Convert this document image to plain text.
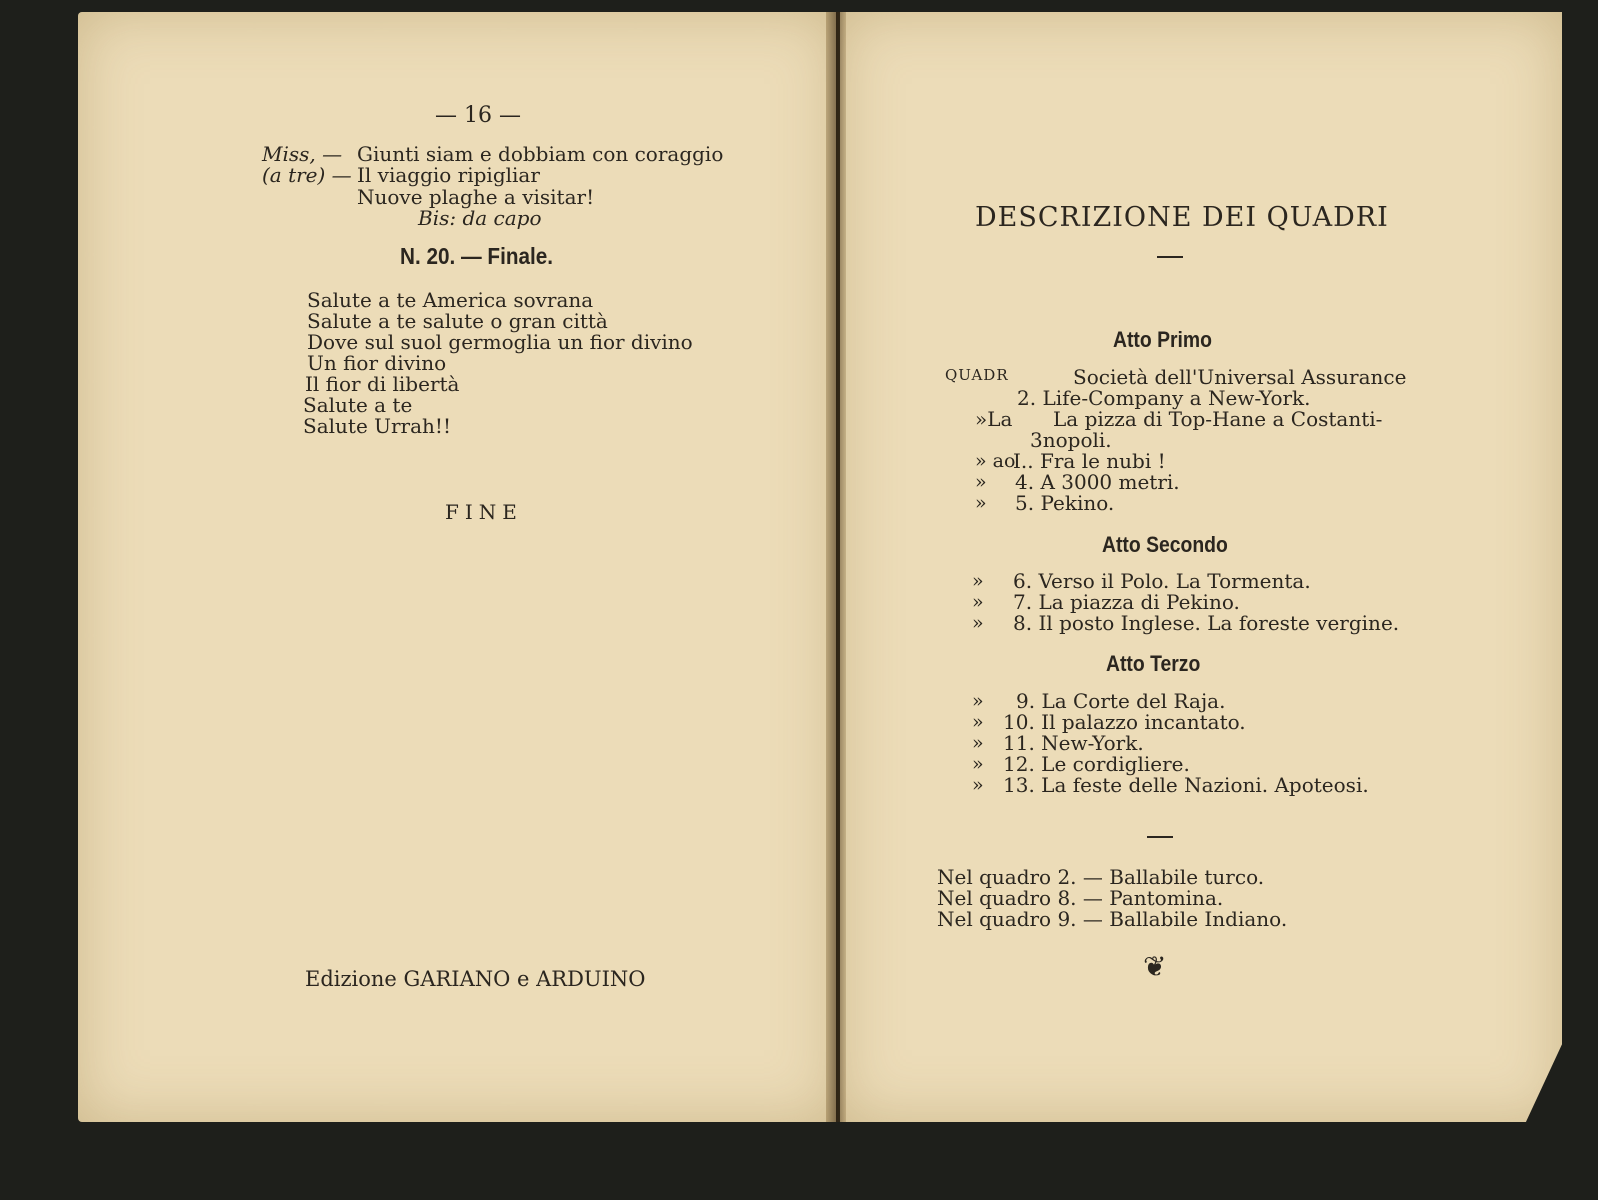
— 16 —
Miss, — Giunti siam e dobbiam con coraggio
(a tre) — Il viaggio ripigliar
Nuove plaghe a visitar!
Bis: da capo
N. 20. — Finale.
Salute a te America sovrana
Salute a te salute o gran città
Dove sul suol germoglia un fior divino
Un fior divino
Il fior di libertà
Salute a te
Salute Urrah!!
FINE
Edizione GARIANO e ARDUINO
DESCRIZIONE DEI QUADRI
Atto Primo
QUADR	Società dell'Universal Assurance
2. Life-Company a New-York.
»La La pizza di Top-Hane a Costanti-
3nopoli.
» ao
I.. Fra le nubi !
» 4. A 3000 metri.
» 5. Pekino.
Atto Secondo
» 6. Verso il Polo. La Tormenta.
» 7. La piazza di Pekino.
» 8. Il posto Inglese. La foreste vergine.
Atto Terzo
» 9. La Corte del Raja.
» 10. Il palazzo incantato.
» 11. New-York.
» 12. Le cordigliere.
» 13. La feste delle Nazioni. Apoteosi.
Nel quadro 2. — Ballabile turco.
Nel quadro 8. — Pantomina.
Nel quadro 9. — Ballabile Indiano.
❦
